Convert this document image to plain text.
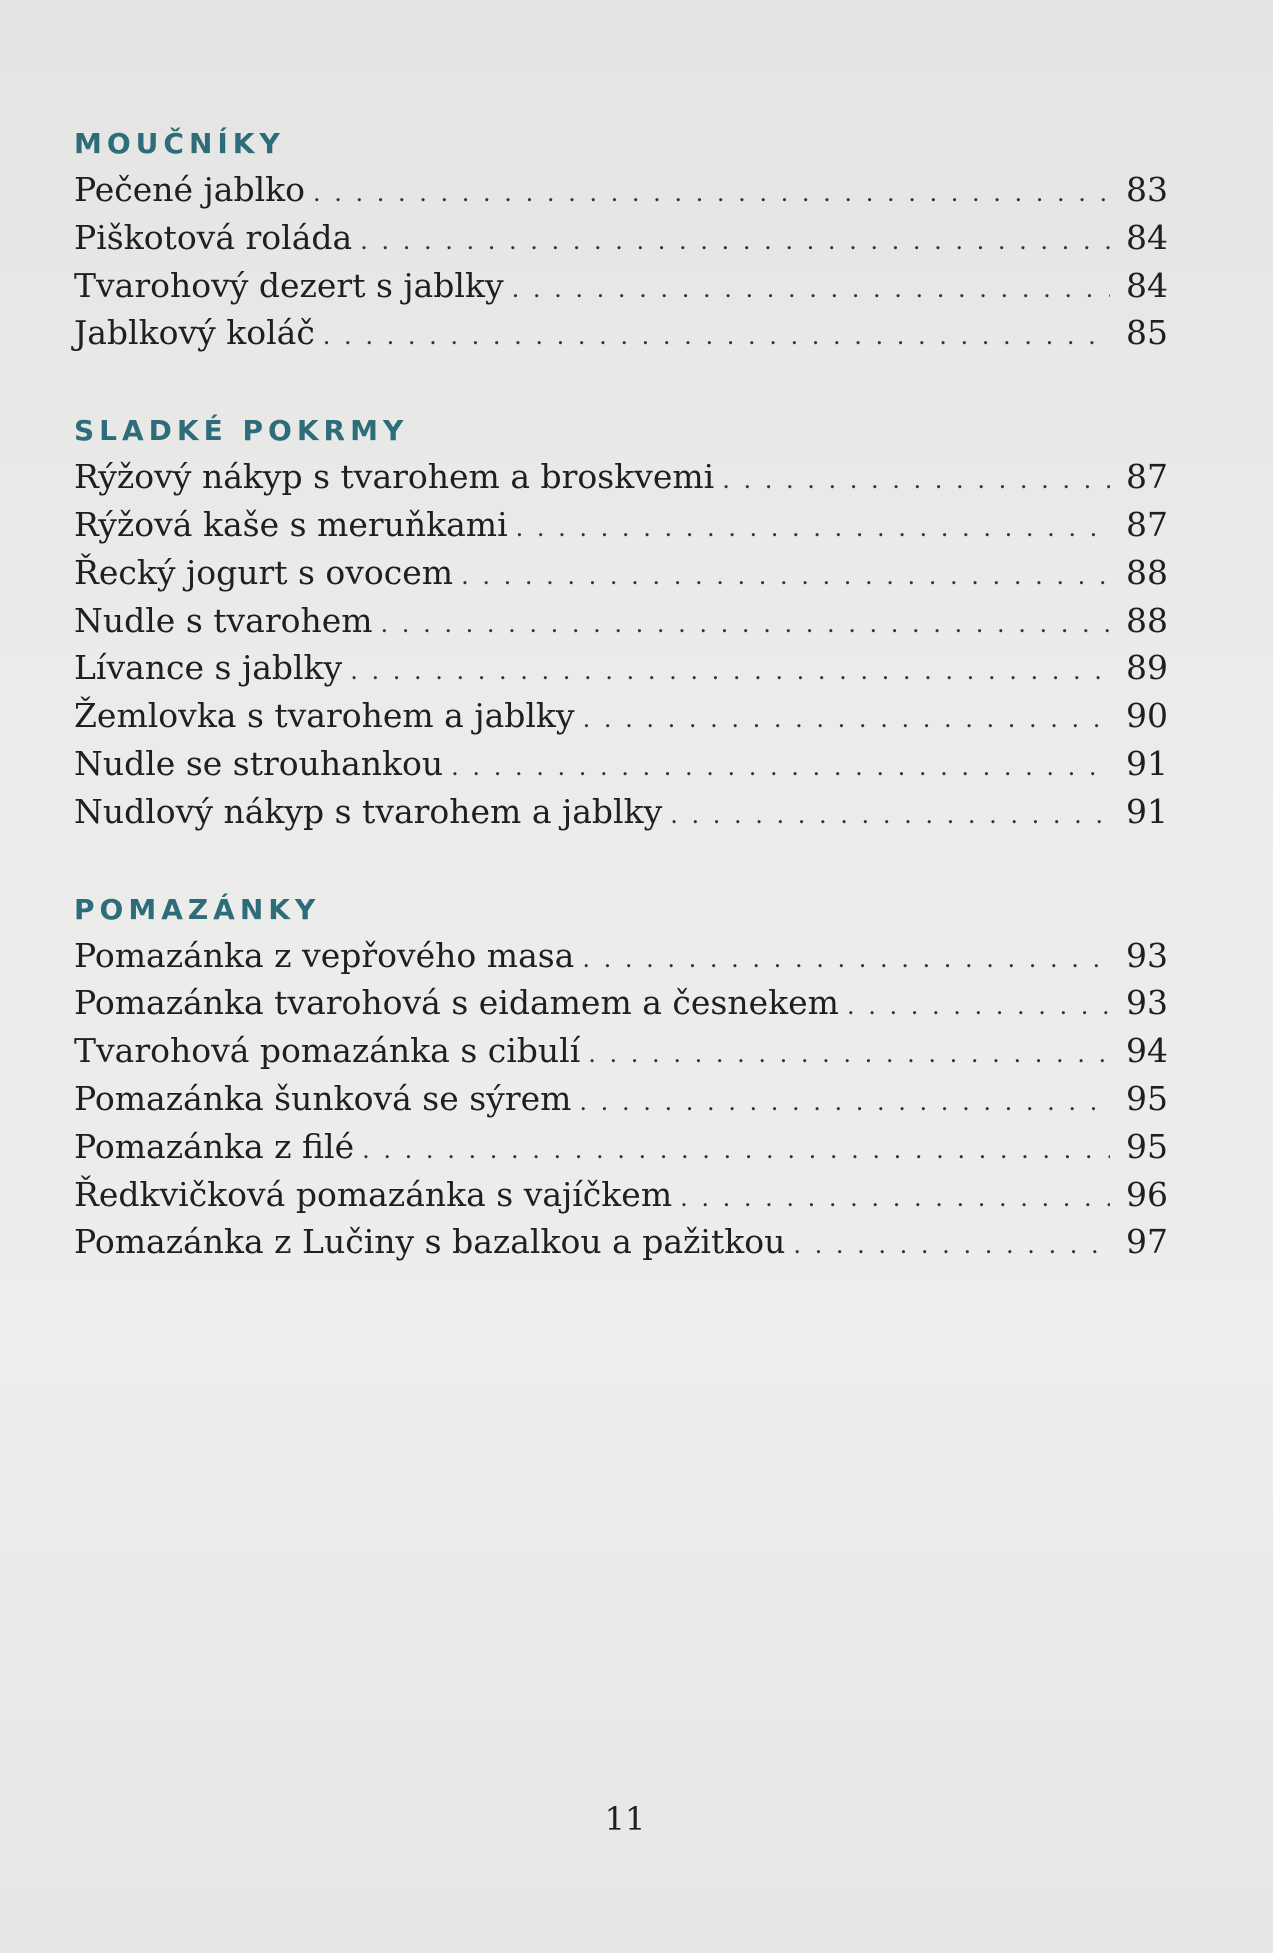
MOUČNÍKY
Pečené jablko . . .	83
Piškotová roláda . . .	84
Tvarohový dezert s jablky . . .	84
Jablkový koláč . . .	85
SLADKÉ POKRMY
Rýžový nákyp s tvarohem a broskvemi . . .	87
Rýžová kaše s meruňkami . . .	87
Řecký jogurt s ovocem . . .	88
Nudle s tvarohem . . .	88
Lívance s jablky . . .	89
Žemlovka s tvarohem a jablky . . .	90
Nudle se strouhankou . . .	91
Nudlový nákyp s tvarohem a jablky . . .	91
POMAZÁNKY
Pomazánka z vepřového masa . . .	93
Pomazánka tvarohová s eidamem a česnekem . . .	93
Tvarohová pomazánka s cibulí . . .	94
Pomazánka šunková se sýrem . . .	95
Pomazánka z filé . . .	95
Ředkvičková pomazánka s vajíčkem . . .	96
Pomazánka z Lučiny s bazalkou a pažitkou . . .	97
11
